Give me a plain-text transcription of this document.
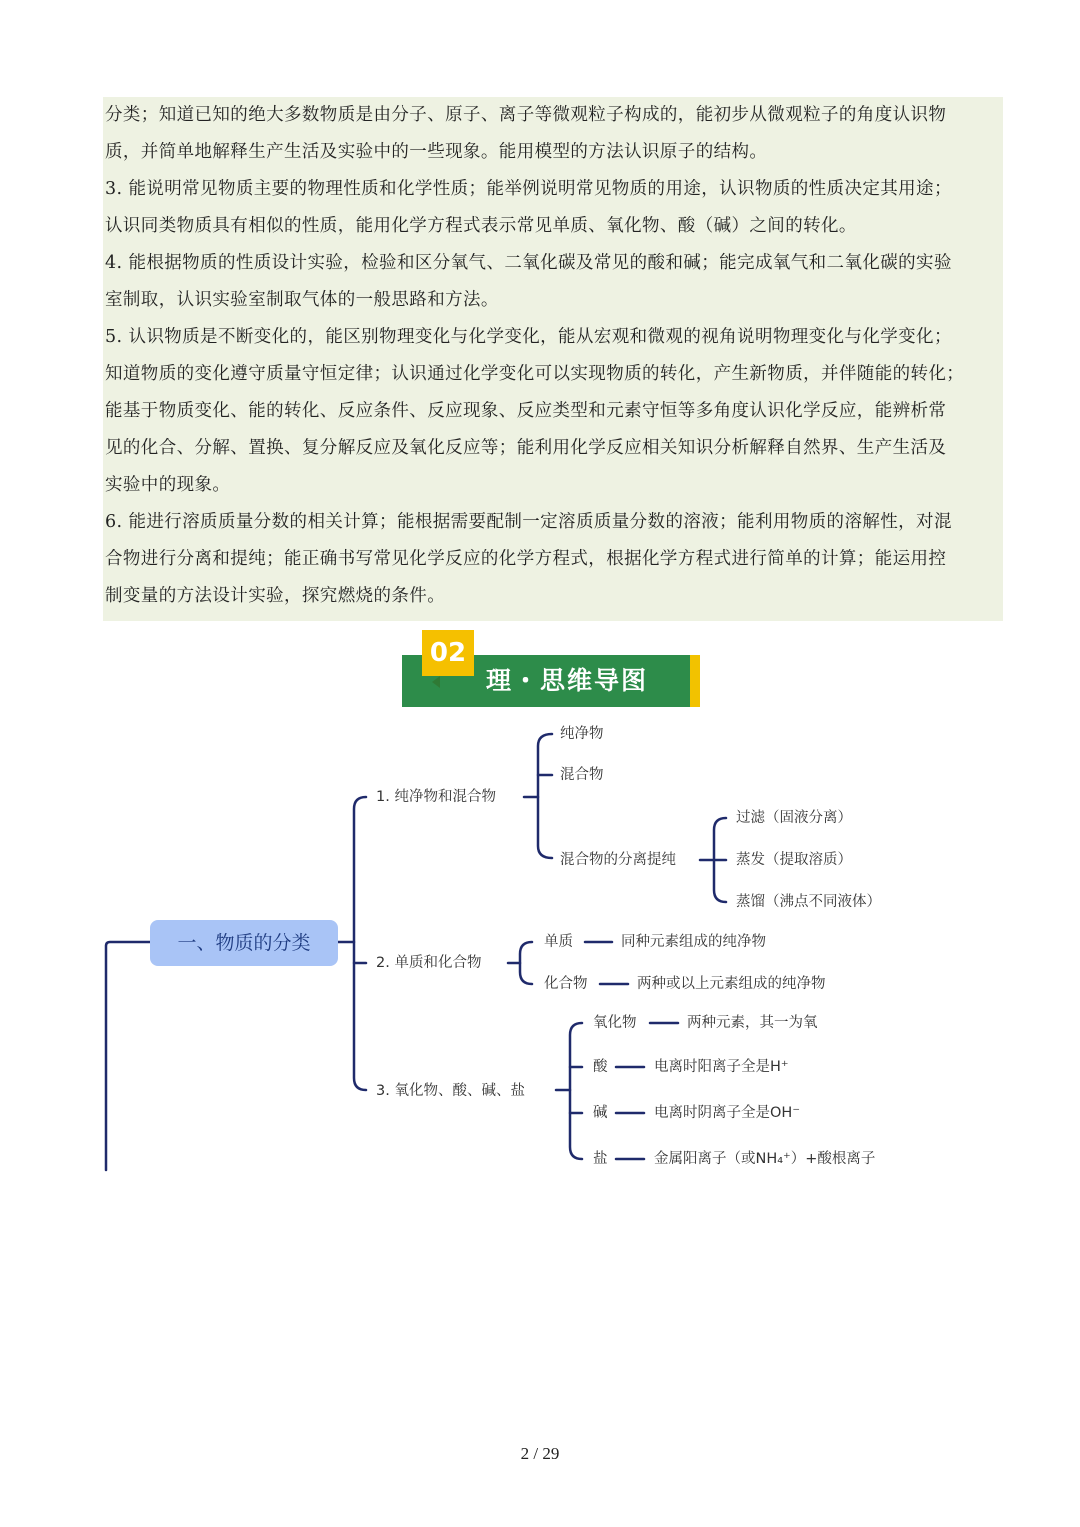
分类；知道已知的绝大多数物质是由分子、原子、离子等微观粒子构成的，能初步从微观粒子的角度认识物

质，并简单地解释生产生活及实验中的一些现象。能用模型的方法认识原子的结构。

3. 能说明常见物质主要的物理性质和化学性质；能举例说明常见物质的用途，认识物质的性质决定其用途；

认识同类物质具有相似的性质，能用化学方程式表示常见单质、氧化物、酸（碱）之间的转化。

4. 能根据物质的性质设计实验，检验和区分氧气、二氧化碳及常见的酸和碱；能完成氧气和二氧化碳的实验

室制取，认识实验室制取气体的一般思路和方法。

5. 认识物质是不断变化的，能区别物理变化与化学变化，能从宏观和微观的视角说明物理变化与化学变化；

知道物质的变化遵守质量守恒定律；认识通过化学变化可以实现物质的转化，产生新物质，并伴随能的转化；

能基于物质变化、能的转化、反应条件、反应现象、反应类型和元素守恒等多角度认识化学反应，能辨析常

见的化合、分解、置换、复分解反应及氧化反应等；能利用化学反应相关知识分析解释自然界、生产生活及

实验中的现象。

6. 能进行溶质质量分数的相关计算；能根据需要配制一定溶质质量分数的溶液；能利用物质的溶解性，对混

合物进行分离和提纯；能正确书写常见化学反应的化学方程式，根据化学方程式进行简单的计算；能运用控

制变量的方法设计实验，探究燃烧的条件。

02
理・思维导图
一、物质的分类
1. 纯净物和混合物
纯净物
混合物
混合物的分离提纯
过滤（固液分离）
蒸发（提取溶质）
蒸馏（沸点不同液体）
2. 单质和化合物
单质	同种元素组成的纯净物
化合物	两种或以上元素组成的纯净物
3. 氧化物、酸、碱、盐
氧化物	两种元素，其一为氧
酸	电离时阳离子全是H⁺
碱	电离时阴离子全是OH⁻
盐	金属阳离子（或NH₄⁺）+酸根离子
2 / 29
